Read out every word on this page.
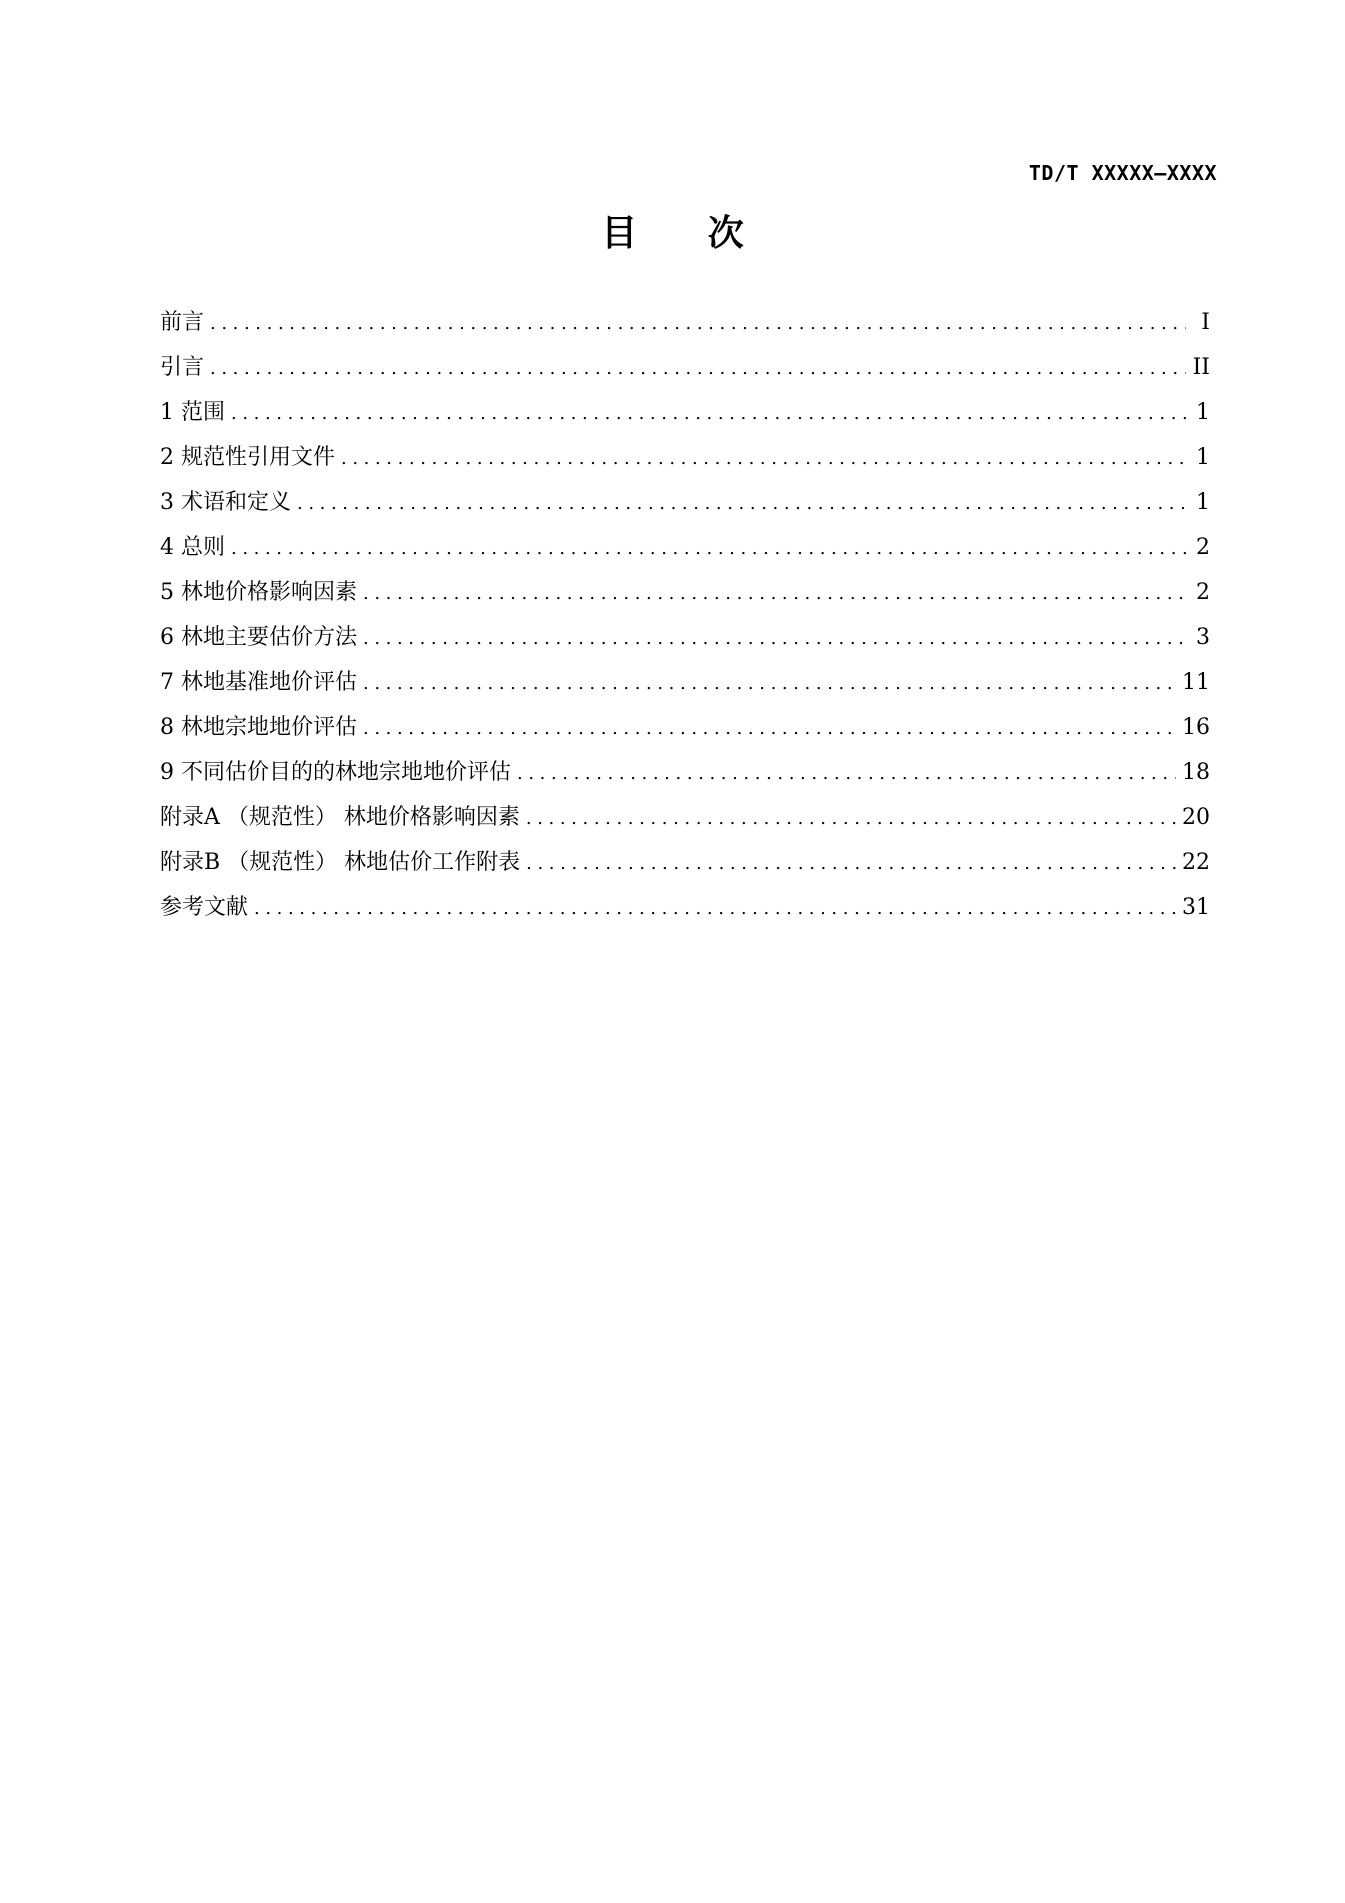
TD/T XXXXX—XXXX
目 次
前言 .....	I
引言 .....	II
1 范围 .....	1
2 规范性引用文件 .....	1
3 术语和定义 .....	1
4 总则 .....	2
5 林地价格影响因素 .....	2
6 林地主要估价方法 .....	3
7 林地基准地价评估 .....	11
8 林地宗地地价评估 .....	16
9 不同估价目的的林地宗地地价评估 .....	18
附录A （规范性） 林地价格影响因素 .....	20
附录B （规范性） 林地估价工作附表 .....	22
参考文献 .....	31
